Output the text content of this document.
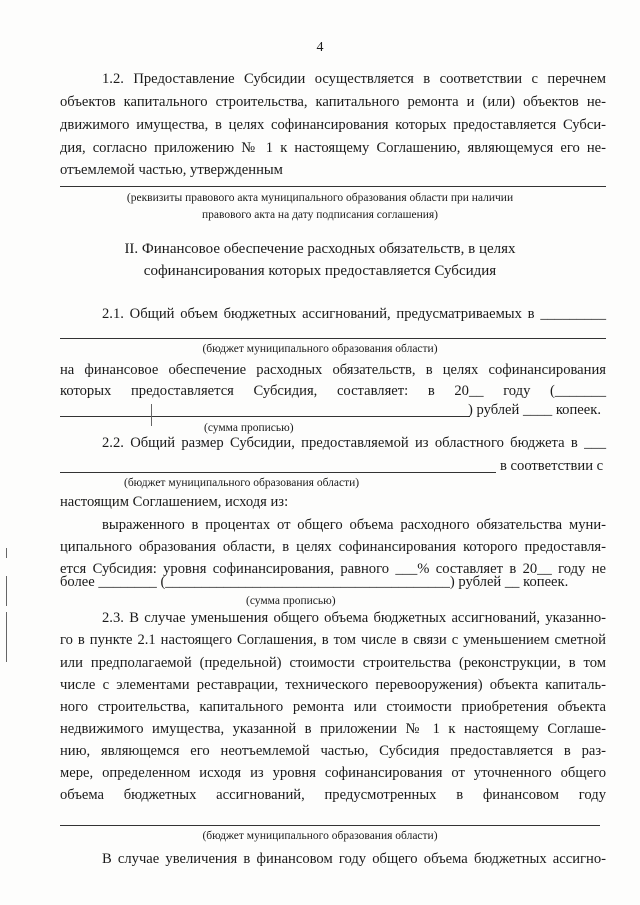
4
1.2. Предоставление Субсидии осуществляется в соответствии с перечнем
объектов капитального строительства, капитального ремонта и (или) объектов не-
движимого имущества, в целях софинансирования которых предоставляется Субси-
дия, согласно приложению № 1 к настоящему Соглашению, являющемуся его не-
отъемлемой частью, утвержденным
(реквизиты правового акта муниципального образования области при наличии
правового акта на дату подписания соглашения)
II. Финансовое обеспечение расходных обязательств, в целях
софинансирования которых предоставляется Субсидия
2.1. Общий объем бюджетных ассигнований, предусматриваемых в _________
(бюджет муниципального образования области)
на финансовое обеспечение расходных обязательств, в целях софинансирования
которых предоставляется Субсидия, составляет: в 20__ году (_______
) рублей ____ копеек.
(сумма прописью)
2.2. Общий размер Субсидии, предоставляемой из областного бюджета в ___
в соответствии с
(бюджет муниципального образования области)
настоящим Соглашением, исходя из:
выраженного в процентах от общего объема расходного обязательства муни-
ципального образования области, в целях софинансирования которого предоставля-
ется Субсидия: уровня софинансирования, равного ___% составляет в 20__ году не
более ________ (_______________________________________) рублей __ копеек.
(сумма прописью)
2.3. В случае уменьшения общего объема бюджетных ассигнований, указанно-
го в пункте 2.1 настоящего Соглашения, в том числе в связи с уменьшением сметной
или предполагаемой (предельной) стоимости строительства (реконструкции, в том
числе с элементами реставрации, технического перевооружения) объекта капиталь-
ного строительства, капитального ремонта или стоимости приобретения объекта
недвижимого имущества, указанной в приложении № 1 к настоящему Соглаше-
нию, являющемся его неотъемлемой частью, Субсидия предоставляется в раз-
мере, определенном исходя из уровня софинансирования от уточненного общего
объема бюджетных ассигнований, предусмотренных в финансовом году
(бюджет муниципального образования области)
В случае увеличения в финансовом году общего объема бюджетных ассигно-
